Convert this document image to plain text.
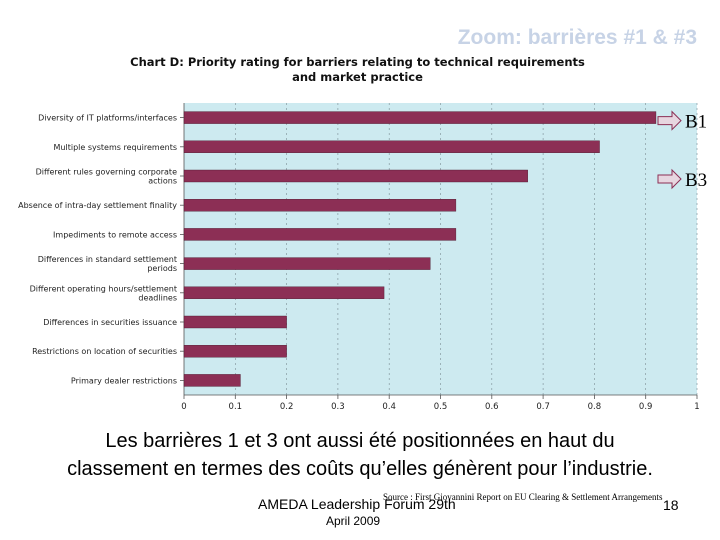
Zoom: barrières #1 & #3
Chart D: Priority rating for barriers relating to technical requirements
and market practice
0	0.1	0.2	0.3	0.4	0.5	0.6	0.7	0.8	0.9	1
Diversity of IT platforms/interfaces
Multiple systems requirements
Different rules governing corporate actions
Absence of intra-day settlement finality
Impediments to remote access
Differences in standard settlement periods
Different operating hours/settlement deadlines
Differences in securities issuance
Restrictions on location of securities
Primary dealer restrictions
B1
B3
Les barrières 1 et 3 ont aussi été positionnées en haut du
classement en termes des coûts qu’elles génèrent pour l’industrie.
AMEDA Leadership Forum 29th
April 2009
Source : First Giovannini Report on EU Clearing & Settlement Arrangements 18
